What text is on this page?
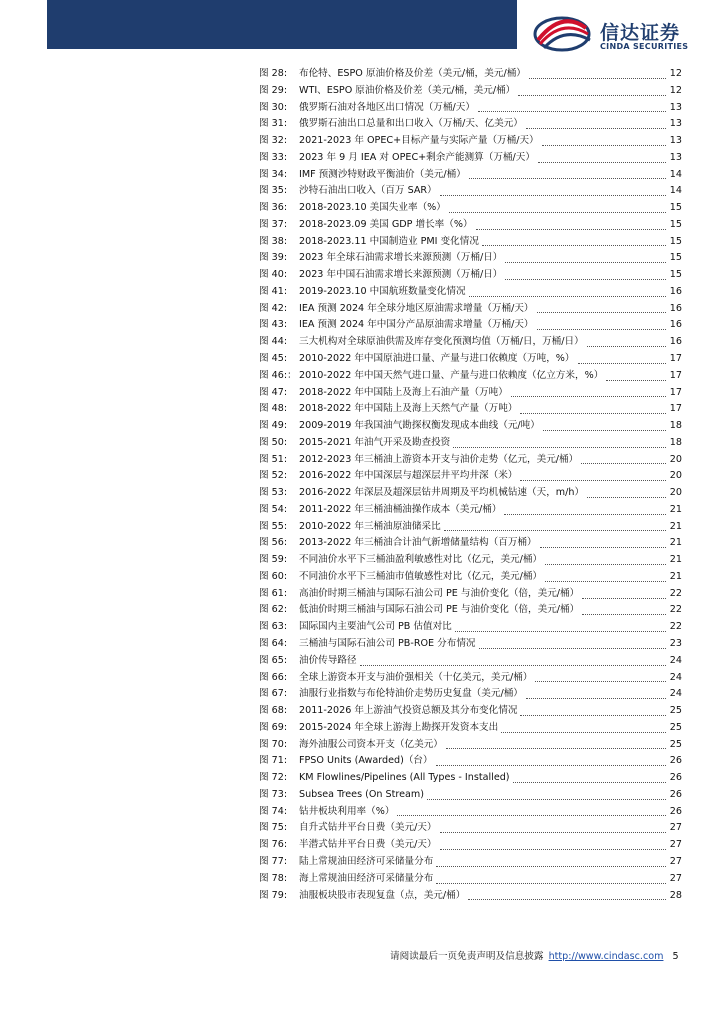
信达证券
CINDA SECURITIES
图 28:	布伦特、ESPO 原油价格及价差（美元/桶，美元/桶）	12
图 29:	WTI、ESPO 原油价格及价差（美元/桶，美元/桶）	12
图 30:	俄罗斯石油对各地区出口情况（万桶/天）	13
图 31:	俄罗斯石油出口总量和出口收入（万桶/天、亿美元）	13
图 32:	2021-2023 年 OPEC+目标产量与实际产量（万桶/天）	13
图 33:	2023 年 9 月 IEA 对 OPEC+剩余产能测算（万桶/天）	13
图 34:	IMF 预测沙特财政平衡油价（美元/桶）	14
图 35:	沙特石油出口收入（百万 SAR）	14
图 36:	2018-2023.10 美国失业率（%）	15
图 37:	2018-2023.09 美国 GDP 增长率（%）	15
图 38:	2018-2023.11 中国制造业 PMI 变化情况	15
图 39:	2023 年全球石油需求增长来源预测（万桶/日）	15
图 40:	2023 年中国石油需求增长来源预测（万桶/日）	15
图 41:	2019-2023.10 中国航班数量变化情况	16
图 42:	IEA 预测 2024 年全球分地区原油需求增量（万桶/天）	16
图 43:	IEA 预测 2024 年中国分产品原油需求增量（万桶/天）	16
图 44:	三大机构对全球原油供需及库存变化预测均值（万桶/日，万桶/日）	16
图 45:	2010-2022 年中国原油进口量、产量与进口依赖度（万吨，%）	17
图 46:： 2010-2022 年中国天然气进口量、产量与进口依赖度（亿立方米，%）	17
图 47:	2018-2022 年中国陆上及海上石油产量（万吨）	17
图 48:	2018-2022 年中国陆上及海上天然气产量（万吨）	17
图 49:	2009-2019 年我国油气勘探权衡发现成本曲线（元/吨）	18
图 50:	2015-2021 年油气开采及勘查投资	18
图 51:	2012-2023 年三桶油上游资本开支与油价走势（亿元，美元/桶）	20
图 52:	2016-2022 年中国深层与超深层井平均井深（米）	20
图 53:	2016-2022 年深层及超深层钻井周期及平均机械钻速（天，m/h）	20
图 54:	2011-2022 年三桶油桶油操作成本（美元/桶）	21
图 55:	2010-2022 年三桶油原油储采比	21
图 56:	2013-2022 年三桶油合计油气新增储量结构（百万桶）	21
图 59:	不同油价水平下三桶油盈利敏感性对比（亿元，美元/桶）	21
图 60:	不同油价水平下三桶油市值敏感性对比（亿元，美元/桶）	21
图 61:	高油价时期三桶油与国际石油公司 PE 与油价变化（倍，美元/桶）	22
图 62:	低油价时期三桶油与国际石油公司 PE 与油价变化（倍，美元/桶）	22
图 63:	国际国内主要油气公司 PB 估值对比	22
图 64:	三桶油与国际石油公司 PB-ROE 分布情况	23
图 65:	油价传导路径	24
图 66:	全球上游资本开支与油价强相关（十亿美元，美元/桶）	24
图 67:	油服行业指数与布伦特油价走势历史复盘（美元/桶）	24
图 68:	2011-2026 年上游油气投资总额及其分布变化情况	25
图 69:	2015-2024 年全球上游海上勘探开发资本支出	25
图 70:	海外油服公司资本开支（亿美元）	25
图 71:	FPSO Units (Awarded)（台）	26
图 72:	KM Flowlines/Pipelines (All Types - Installed)	26
图 73:	Subsea Trees (On Stream)	26
图 74:	钻井板块利用率（%）	26
图 75:	自升式钻井平台日费（美元/天）	27
图 76:	半潜式钻井平台日费（美元/天）	27
图 77:	陆上常规油田经济可采储量分布	27
图 78:	海上常规油田经济可采储量分布	27
图 79:	油服板块股市表现复盘（点，美元/桶）	28
请阅读最后一页免责声明及信息披露 http://www.cindasc.com 5
